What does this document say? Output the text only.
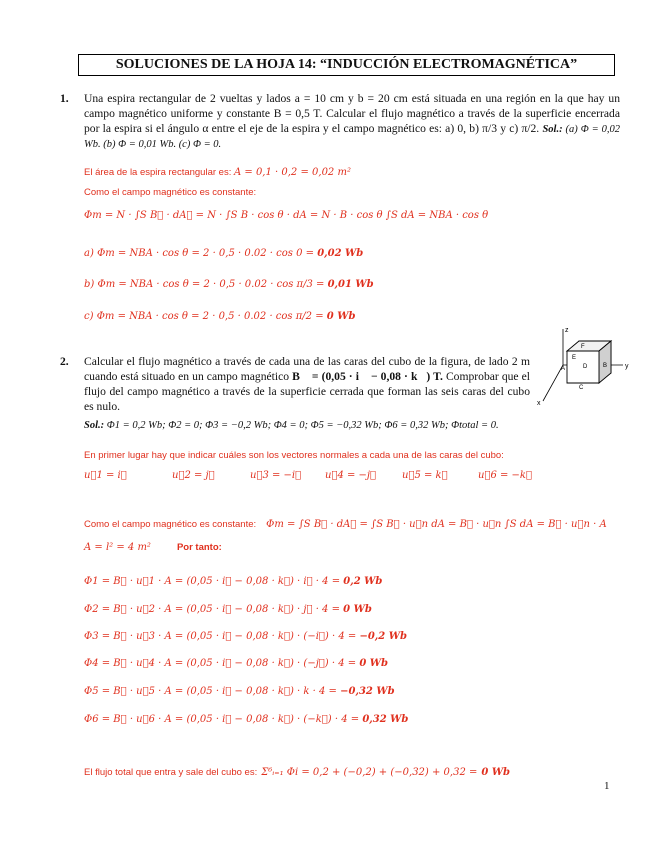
SOLUCIONES DE LA HOJA 14: “INDUCCIÓN ELECTROMAGNÉTICA”
1. Una espira rectangular de 2 vueltas y lados a = 10 cm y b = 20 cm está situada en una región en la que hay un campo magnético uniforme y constante B = 0,5 T. Calcular el flujo magnético a través de la superficie encerrada por la espira si el ángulo α entre el eje de la espira y el campo magnético es: a) 0, b) π/3 y c) π/2. Sol.: (a) Φ = 0,02 Wb. (b) Φ = 0,01 Wb. (c) Φ = 0.
El área de la espira rectangular es: A = 0,1 · 0,2 = 0,02 m²
Como el campo magnético es constante:
Φm = N · ∫S B⃗ · dA⃗ = N · ∫S B · cos θ · dA = N · B · cos θ ∫S dA = NBA · cos θ
a) Φm = NBA · cos θ = 2 · 0,5 · 0.02 · cos 0 = 0,02 Wb
b) Φm = NBA · cos θ = 2 · 0,5 · 0.02 · cos π/3 = 0,01 Wb
c) Φm = NBA · cos θ = 2 · 0,5 · 0.02 · cos π/2 = 0 Wb
F
D	B
A
C
E
z
y
x
2. Calcular el flujo magnético a través de cada una de las caras del cubo de la figura, de lado 2 m cuando está situado en un campo magnético B⃗ = (0,05 · i⃗ − 0,08 · k⃗) T. Comprobar que el flujo del campo magnético a través de la superficie cerrada que forman las seis caras del cubo es nulo.
Sol.: Φ1 = 0,2 Wb; Φ2 = 0; Φ3 = −0,2 Wb; Φ4 = 0; Φ5 = −0,32 Wb; Φ6 = 0,32 Wb; Φtotal = 0.
En primer lugar hay que indicar cuáles son los vectores normales a cada una de las caras del cubo:
u⃗1 = i⃗	u⃗2 = j⃗	u⃗3 = −i⃗ u⃗4 = −j⃗	u⃗5 = k⃗	u⃗6 = −k⃗
Como el campo magnético es constante: Φm = ∫S B⃗ · dA⃗ = ∫S B⃗ · u⃗n dA = B⃗ · u⃗n ∫S dA = B⃗ · u⃗n · A
A = l² = 4 m²	Por tanto:
Φ1 = B⃗ · u⃗1 · A = (0,05 · i⃗ − 0,08 · k⃗) · i⃗ · 4 = 0,2 Wb
Φ2 = B⃗ · u⃗2 · A = (0,05 · i⃗ − 0,08 · k⃗) · j⃗ · 4 = 0 Wb
Φ3 = B⃗ · u⃗3 · A = (0,05 · i⃗ − 0,08 · k⃗) · (−i⃗) · 4 = −0,2 Wb
Φ4 = B⃗ · u⃗4 · A = (0,05 · i⃗ − 0,08 · k⃗) · (−j⃗) · 4 = 0 Wb
Φ5 = B⃗ · u⃗5 · A = (0,05 · i⃗ − 0,08 · k⃗) · k · 4 = −0,32 Wb
Φ6 = B⃗ · u⃗6 · A = (0,05 · i⃗ − 0,08 · k⃗) · (−k⃗) · 4 = 0,32 Wb
El flujo total que entra y sale del cubo es: Σ⁶ᵢ₌₁ Φi = 0,2 + (−0,2) + (−0,32) + 0,32 = 0 Wb
1
